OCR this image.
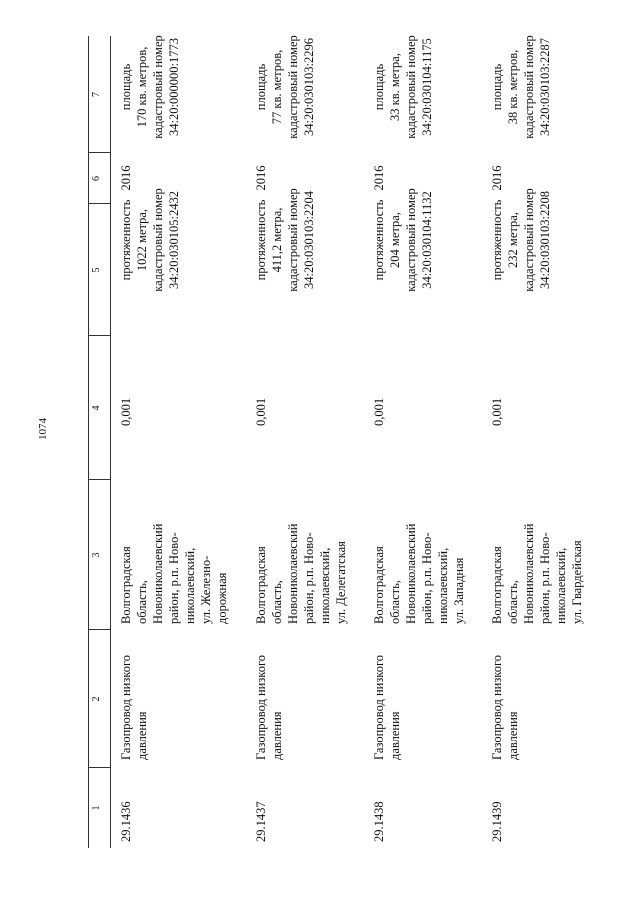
1074
1
2
3
4
5
6
7
29.1436
Газопровод низкого давления
Волгоградская область, Новониколаевский район, р.п. Ново- николаевский, ул. Железно- дорожная
0,001
протяженность 1022 метра, кадастровый номер 34:20:030105:2432
2016
площадь 170 кв. метров, кадастровый номер 34:20:000000:1773
29.1437
Газопровод низкого давления
Волгоградская область, Новониколаевский район, р.п. Ново- николаевский, ул. Делегатская
0,001
протяженность 411,2 метра, кадастровый номер 34:20:030103:2204
2016
площадь 77 кв. метров, кадастровый номер 34:20:030103:2296
29.1438
Газопровод низкого давления
Волгоградская область, Новониколаевский район, р.п. Ново- николаевский, ул. Западная
0,001
протяженность 204 метра, кадастровый номер 34:20:030104:1132
2016
площадь 33 кв. метра, кадастровый номер 34:20:030104:1175
29.1439
Газопровод низкого давления
Волгоградская область, Новониколаевский район, р.п. Ново- николаевский, ул. Гвардейская
0,001
протяженность 232 метра, кадастровый номер 34:20:030103:2208
2016
площадь 38 кв. метров, кадастровый номер 34:20:030103:2287
